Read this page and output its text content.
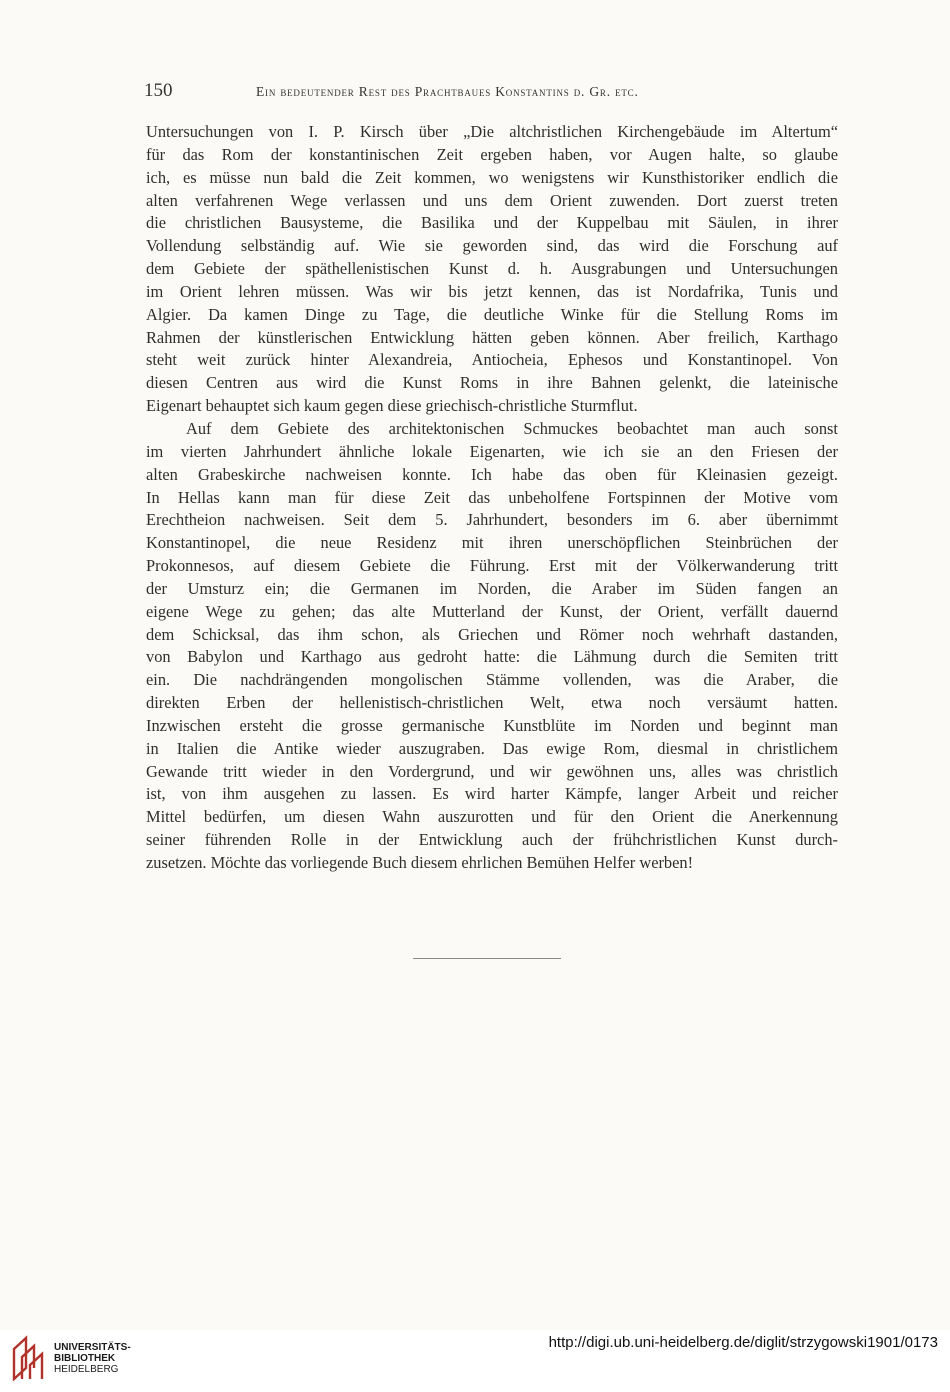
150	Ein bedeutender Rest des Prachtbaues Konstantins d. Gr. etc.
Untersuchungen von I. P. Kirsch über „Die altchristlichen Kirchengebäude im Altertum“
für das Rom der konstantinischen Zeit ergeben haben, vor Augen halte, so glaube
ich, es müsse nun bald die Zeit kommen, wo wenigstens wir Kunsthistoriker endlich die
alten verfahrenen Wege verlassen und uns dem Orient zuwenden. Dort zuerst treten
die christlichen Bausysteme, die Basilika und der Kuppelbau mit Säulen, in ihrer
Vollendung selbständig auf. Wie sie geworden sind, das wird die Forschung auf
dem Gebiete der späthellenistischen Kunst d. h. Ausgrabungen und Untersuchungen
im Orient lehren müssen. Was wir bis jetzt kennen, das ist Nordafrika, Tunis und
Algier. Da kamen Dinge zu Tage, die deutliche Winke für die Stellung Roms im
Rahmen der künstlerischen Entwicklung hätten geben können. Aber freilich, Karthago
steht weit zurück hinter Alexandreia, Antiocheia, Ephesos und Konstantinopel. Von
diesen Centren aus wird die Kunst Roms in ihre Bahnen gelenkt, die lateinische
Eigenart behauptet sich kaum gegen diese griechisch-christliche Sturmflut.
Auf dem Gebiete des architektonischen Schmuckes beobachtet man auch sonst
im vierten Jahrhundert ähnliche lokale Eigenarten, wie ich sie an den Friesen der
alten Grabeskirche nachweisen konnte. Ich habe das oben für Kleinasien gezeigt.
In Hellas kann man für diese Zeit das unbeholfene Fortspinnen der Motive vom
Erechtheion nachweisen. Seit dem 5. Jahrhundert, besonders im 6. aber übernimmt
Konstantinopel, die neue Residenz mit ihren unerschöpflichen Steinbrüchen der
Prokonnesos, auf diesem Gebiete die Führung. Erst mit der Völkerwanderung tritt
der Umsturz ein; die Germanen im Norden, die Araber im Süden fangen an
eigene Wege zu gehen; das alte Mutterland der Kunst, der Orient, verfällt dauernd
dem Schicksal, das ihm schon, als Griechen und Römer noch wehrhaft dastanden,
von Babylon und Karthago aus gedroht hatte: die Lähmung durch die Semiten tritt
ein. Die nachdrängenden mongolischen Stämme vollenden, was die Araber, die
direkten Erben der hellenistisch-christlichen Welt, etwa noch versäumt hatten.
Inzwischen ersteht die grosse germanische Kunstblüte im Norden und beginnt man
in Italien die Antike wieder auszugraben. Das ewige Rom, diesmal in christlichem
Gewande tritt wieder in den Vordergrund, und wir gewöhnen uns, alles was christlich
ist, von ihm ausgehen zu lassen. Es wird harter Kämpfe, langer Arbeit und reicher
Mittel bedürfen, um diesen Wahn auszurotten und für den Orient die Anerkennung
seiner führenden Rolle in der Entwicklung auch der frühchristlichen Kunst durch-
zusetzen. Möchte das vorliegende Buch diesem ehrlichen Bemühen Helfer werben!
UNIVERSITÄTS-
BIBLIOTHEK
HEIDELBERG
http://digi.ub.uni-heidelberg.de/diglit/strzygowski1901/0173
